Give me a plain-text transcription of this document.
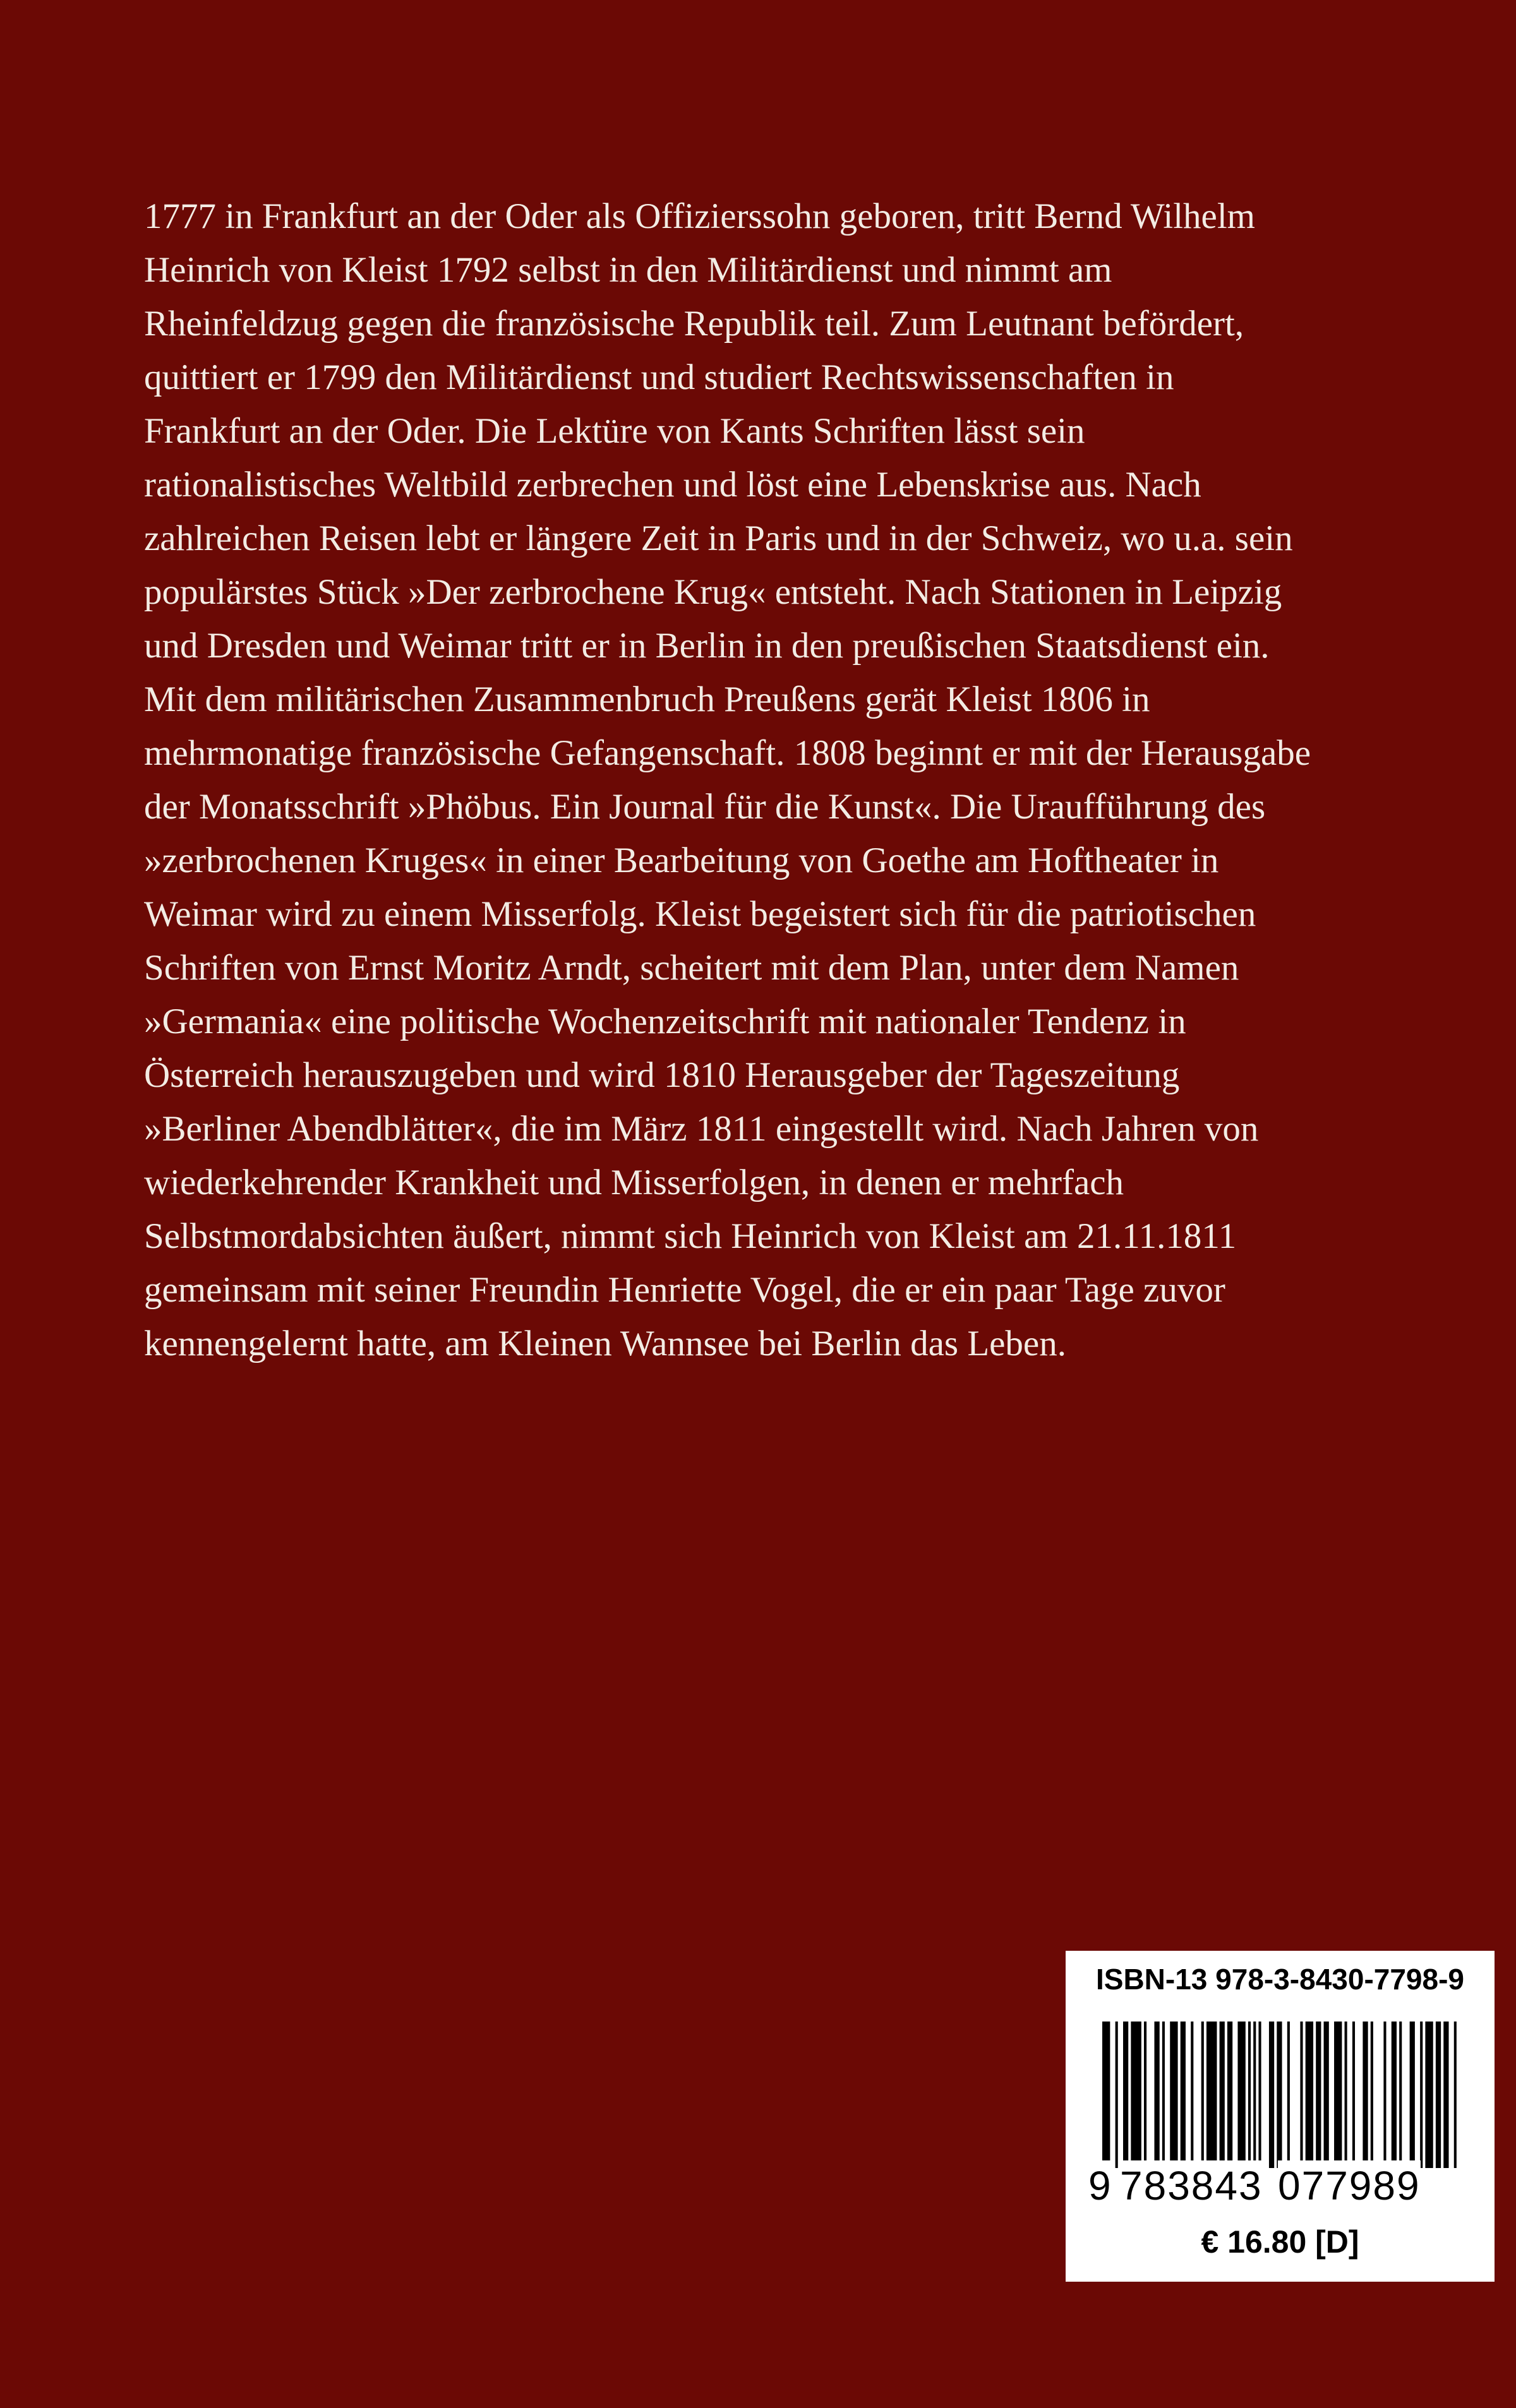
1777 in Frankfurt an der Oder als Offizierssohn geboren, tritt Bernd Wilhelm
Heinrich von Kleist 1792 selbst in den Militärdienst und nimmt am
Rheinfeldzug gegen die französische Republik teil. Zum Leutnant befördert,
quittiert er 1799 den Militärdienst und studiert Rechtswissenschaften in
Frankfurt an der Oder. Die Lektüre von Kants Schriften lässt sein
rationalistisches Weltbild zerbrechen und löst eine Lebenskrise aus. Nach
zahlreichen Reisen lebt er längere Zeit in Paris und in der Schweiz, wo u.a. sein
populärstes Stück »Der zerbrochene Krug« entsteht. Nach Stationen in Leipzig
und Dresden und Weimar tritt er in Berlin in den preußischen Staatsdienst ein.
Mit dem militärischen Zusammenbruch Preußens gerät Kleist 1806 in
mehrmonatige französische Gefangenschaft. 1808 beginnt er mit der Herausgabe
der Monatsschrift »Phöbus. Ein Journal für die Kunst«. Die Uraufführung des
»zerbrochenen Kruges« in einer Bearbeitung von Goethe am Hoftheater in
Weimar wird zu einem Misserfolg. Kleist begeistert sich für die patriotischen
Schriften von Ernst Moritz Arndt, scheitert mit dem Plan, unter dem Namen
»Germania« eine politische Wochenzeitschrift mit nationaler Tendenz in
Österreich herauszugeben und wird 1810 Herausgeber der Tageszeitung
»Berliner Abendblätter«, die im März 1811 eingestellt wird. Nach Jahren von
wiederkehrender Krankheit und Misserfolgen, in denen er mehrfach
Selbstmordabsichten äußert, nimmt sich Heinrich von Kleist am 21.11.1811
gemeinsam mit seiner Freundin Henriette Vogel, die er ein paar Tage zuvor
kennengelernt hatte, am Kleinen Wannsee bei Berlin das Leben.
ISBN-13 978-3-8430-7798-9
9 783843 077989
€ 16.80 [D]
